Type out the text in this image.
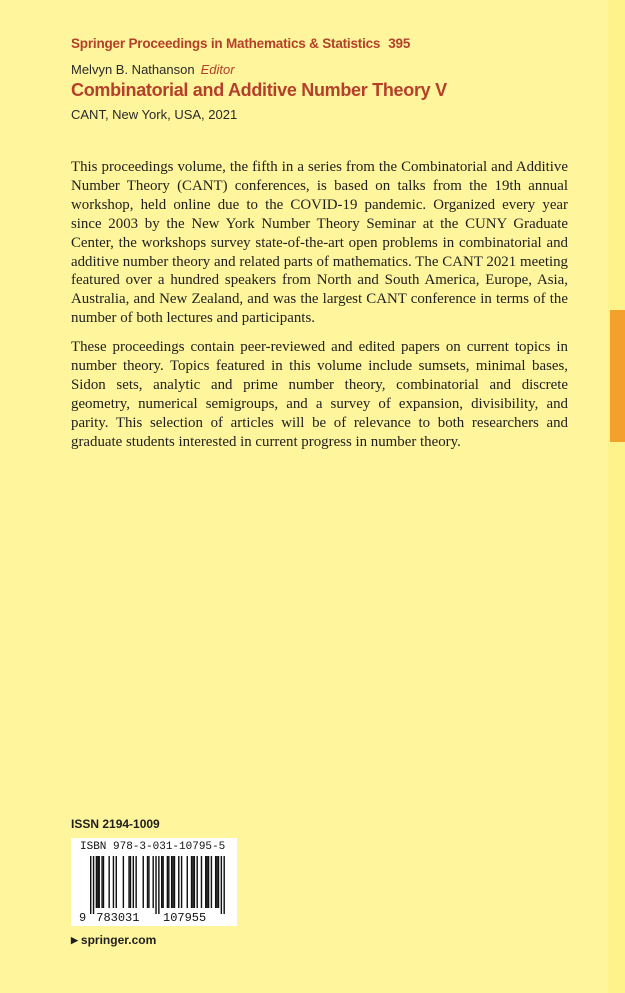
Springer Proceedings in Mathematics & Statistics 395
Melvyn B. Nathanson Editor
Combinatorial and Additive Number Theory V
CANT, New York, USA, 2021

This proceedings volume, the fifth in a series from the Combinatorial and Additive Number Theory (CANT) conferences, is based on talks from the 19th annual workshop, held online due to the COVID-19 pandemic. Organized every year since 2003 by the New York Number Theory Seminar at the CUNY Graduate Center, the workshops survey state-of-the-art open problems in combinatorial and additive number theory and related parts of mathematics. The CANT 2021 meeting featured over a hundred speakers from North and South America, Europe, Asia, Australia, and New Zealand, and was the largest CANT conference in terms of the number of both lectures and participants.

These proceedings contain peer-reviewed and edited papers on current topics in number theory. Topics featured in this volume include sumsets, minimal bases, Sidon sets, analytic and prime number theory, combinatorial and discrete geometry, numerical semigroups, and a survey of expansion, divisibility, and parity. This selection of articles will be of relevance to both researchers and graduate students interested in current progress in number theory.

ISSN 2194-1009
ISBN 978-3-031-10795-5
9 783031 107955
▶ springer.com
